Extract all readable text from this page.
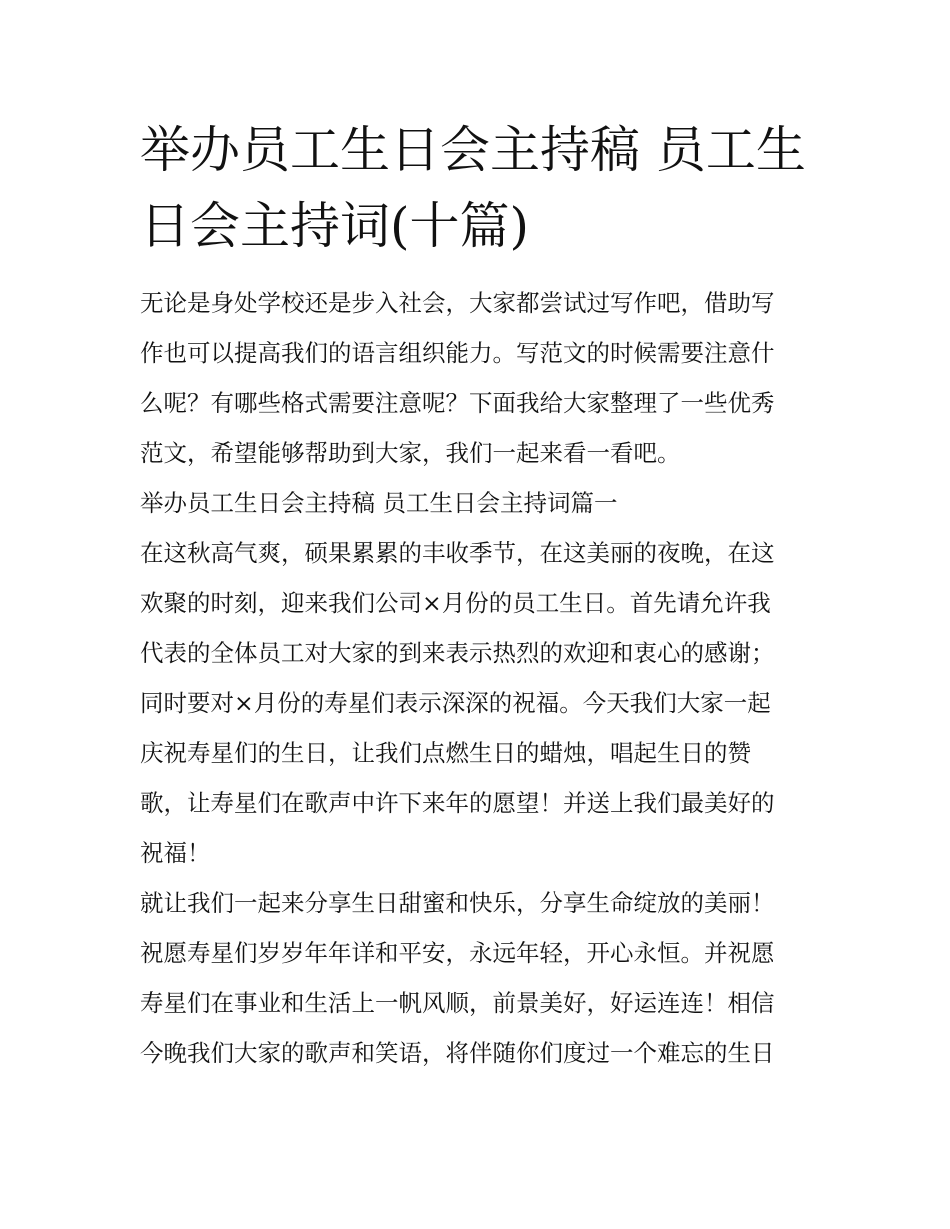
举办员工生日会主持稿 员工生
日会主持词(十篇)
无论是身处学校还是步入社会，大家都尝试过写作吧，借助写
作也可以提高我们的语言组织能力。写范文的时候需要注意什
么呢？有哪些格式需要注意呢？下面我给大家整理了一些优秀
范文，希望能够帮助到大家，我们一起来看一看吧。
举办员工生日会主持稿 员工生日会主持词篇一
在这秋高气爽，硕果累累的丰收季节，在这美丽的夜晚，在这
欢聚的时刻，迎来我们公司×月份的员工生日。首先请允许我
代表的全体员工对大家的到来表示热烈的欢迎和衷心的感谢；
同时要对×月份的寿星们表示深深的祝福。今天我们大家一起
庆祝寿星们的生日，让我们点燃生日的蜡烛，唱起生日的赞
歌，让寿星们在歌声中许下来年的愿望！并送上我们最美好的
祝福！
就让我们一起来分享生日甜蜜和快乐，分享生命绽放的美丽！
祝愿寿星们岁岁年年详和平安，永远年轻，开心永恒。并祝愿
寿星们在事业和生活上一帆风顺，前景美好，好运连连！相信
今晚我们大家的歌声和笑语，将伴随你们度过一个难忘的生日
